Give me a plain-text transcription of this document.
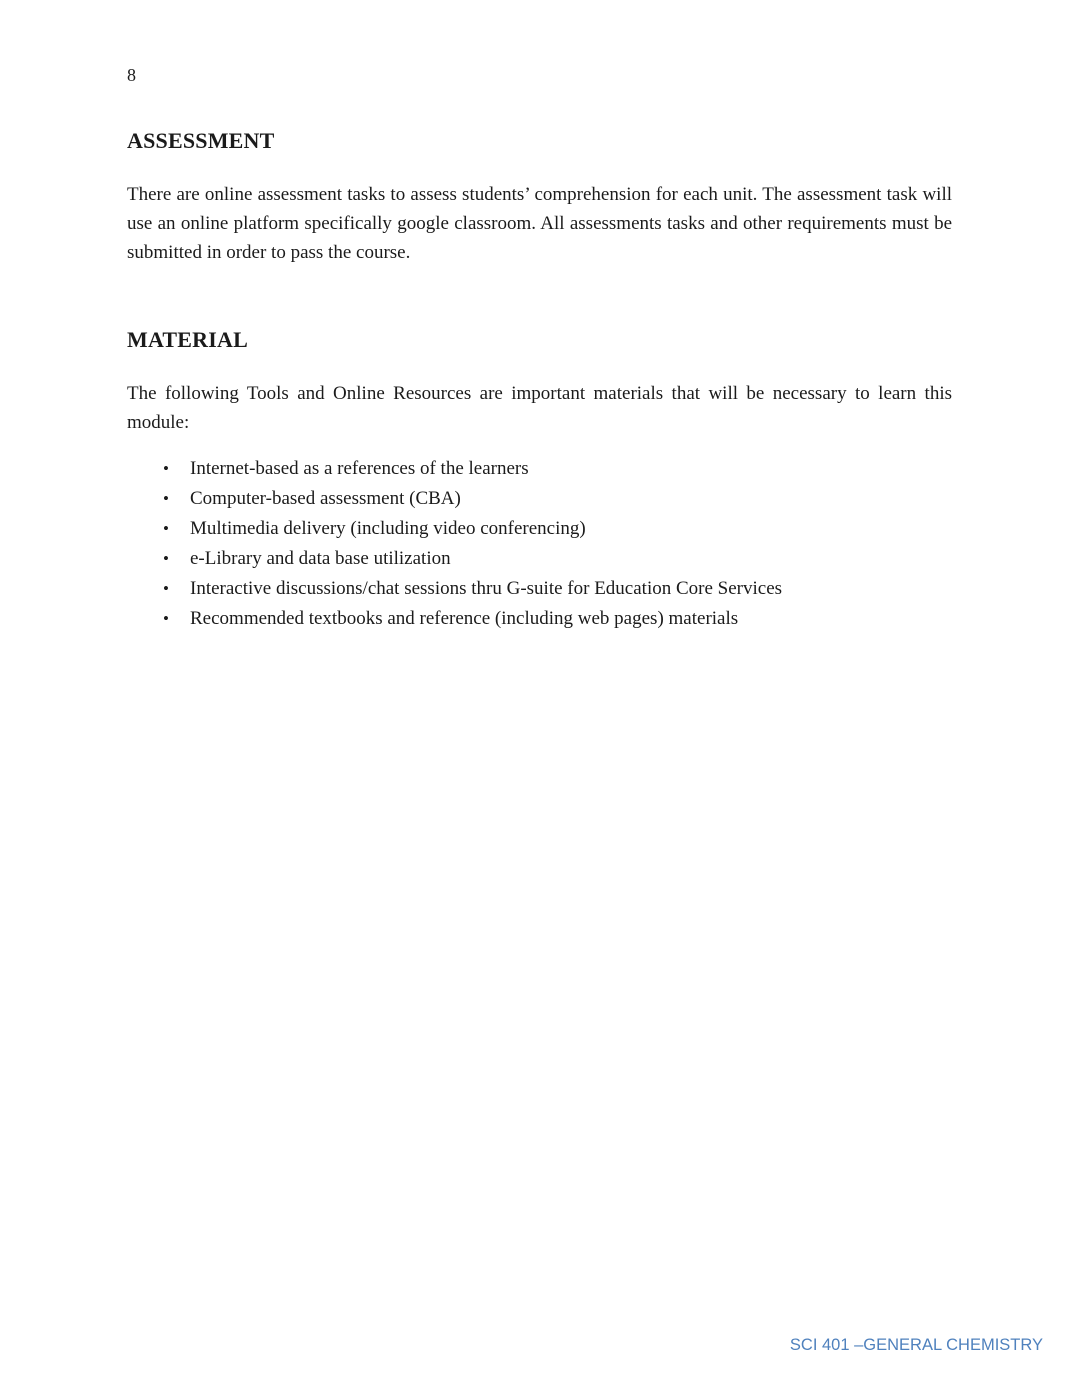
8
ASSESSMENT

There are online assessment tasks to assess students’ comprehension for each unit. The assessment task will use an online platform specifically google classroom. All assessments tasks and other requirements must be submitted in order to pass the course.

MATERIAL

The following Tools and Online Resources are important materials that will be necessary to learn this module:

•	Internet-based as a references of the learners
•	Computer-based assessment (CBA)
•	Multimedia delivery (including video conferencing)
•	e-Library and data base utilization
•	Interactive discussions/chat sessions thru G-suite for Education Core Services
•	Recommended textbooks and reference (including web pages) materials
SCI 401 –GENERAL CHEMISTRY
